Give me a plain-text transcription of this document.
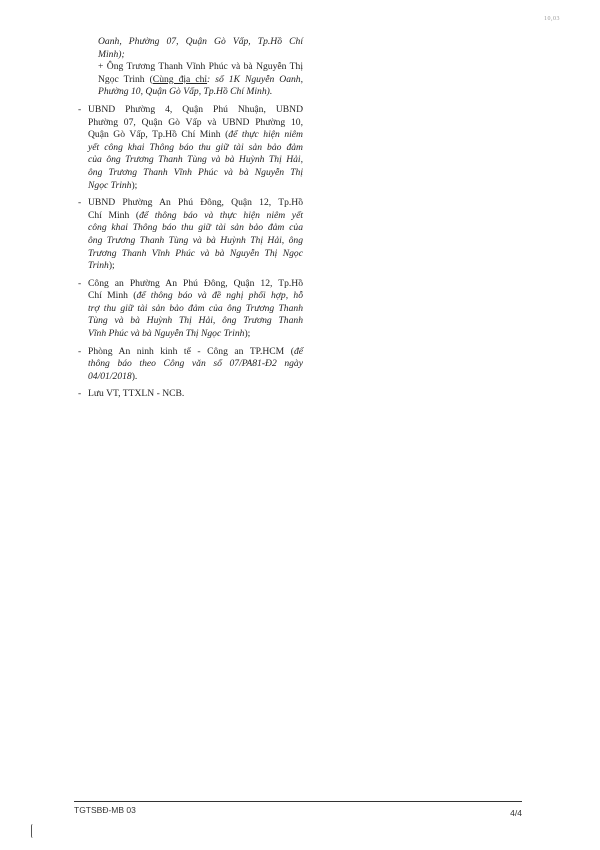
10,03
Oanh, Phường 07, Quận Gò Vấp, Tp.Hồ Chí
Minh);
+ Ông Trương Thanh Vĩnh Phúc và bà Nguyễn Thị
Ngọc Trinh (Cùng địa chỉ: số 1K Nguyễn Oanh,
Phường 10, Quận Gò Vấp, Tp.Hồ Chí Minh).
- UBND Phường 4, Quận Phú Nhuận, UBND
Phường 07, Quận Gò Vấp và UBND Phường 10,
Quận Gò Vấp, Tp.Hồ Chí Minh (để thực hiện niêm
yết công khai Thông báo thu giữ tài sản bảo đảm
của ông Trương Thanh Tùng và bà Huỳnh Thị Hải,
ông Trương Thanh Vĩnh Phúc và bà Nguyễn Thị
Ngọc Trinh);
- UBND Phường An Phú Đông, Quận 12, Tp.Hồ
Chí Minh (để thông báo và thực hiện niêm yết
công khai Thông báo thu giữ tài sản bảo đảm của
ông Trương Thanh Tùng và bà Huỳnh Thị Hải, ông
Trương Thanh Vĩnh Phúc và bà Nguyễn Thị Ngọc
Trinh);
- Công an Phường An Phú Đông, Quận 12, Tp.Hồ
Chí Minh (để thông báo và đề nghị phối hợp, hỗ
trợ thu giữ tài sản bảo đảm của ông Trương Thanh
Tùng và bà Huỳnh Thị Hải, ông Trương Thanh
Vĩnh Phúc và bà Nguyễn Thị Ngọc Trinh);
- Phòng An ninh kinh tế - Công an TP.HCM (để
thông báo theo Công văn số 07/PA81-Đ2 ngày
04/01/2018).
- Lưu VT, TTXLN - NCB.
TGTSBĐ-MB 03	4/4
